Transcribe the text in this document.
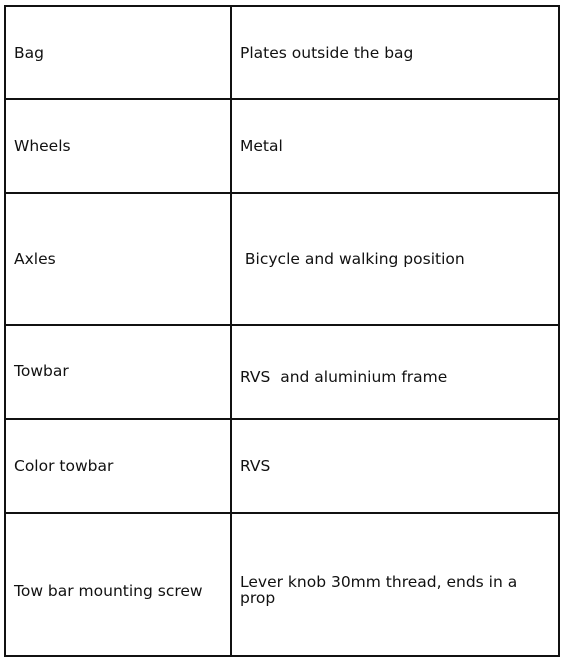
Bag	Plates outside the bag
Wheels	Metal
Axles	Bicycle and walking position
Towbar	RVS  and aluminium frame
Color towbar	RVS
Tow bar mounting screw	Lever knob 30mm thread, ends in a prop
